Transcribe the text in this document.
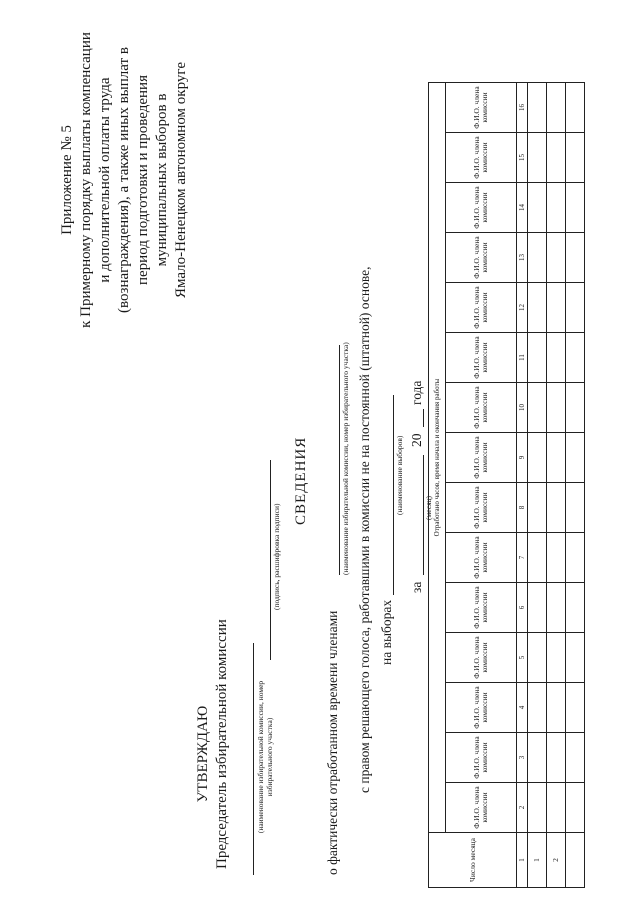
Приложение № 5 к Примерному порядку выплаты компенсации и дополнительной оплаты труда (вознаграждения), а также иных выплат в период подготовки и проведения муниципальных выборов в Ямало-Ненецком автономном округе
УТВЕРЖДАЮ Председатель избирательной комиссии	(наименование избирательной комиссии, номер избирательного участка)
(подпись, расшифровка подписи)
СВЕДЕНИЯ
о фактически отработанном времени членами
(наименование избирательной комиссии, номер избирательного участка) с правом решающего голоса, работавшими в комиссии не на постоянной (штатной) основе, на выборах
(наименование выборов)
за
(месяц)
20
года
Число месяца	Отработано часов, время начала и окончания работы														
	Ф.И.О. члена комиссии	Ф.И.О. члена комиссии	Ф.И.О. члена комиссии	Ф.И.О. члена комиссии	Ф.И.О. члена комиссии	Ф.И.О. члена комиссии	Ф.И.О. члена комиссии	Ф.И.О. члена комиссии	Ф.И.О. члена комиссии	Ф.И.О. члена комиссии	Ф.И.О. члена комиссии	Ф.И.О. члена комиссии	Ф.И.О. члена комиссии	Ф.И.О. члена комиссии	Ф.И.О. члена комиссии
1	2	3	4	5	6	7	8	9	10	11	12	13	14	15	16
1															
2															
